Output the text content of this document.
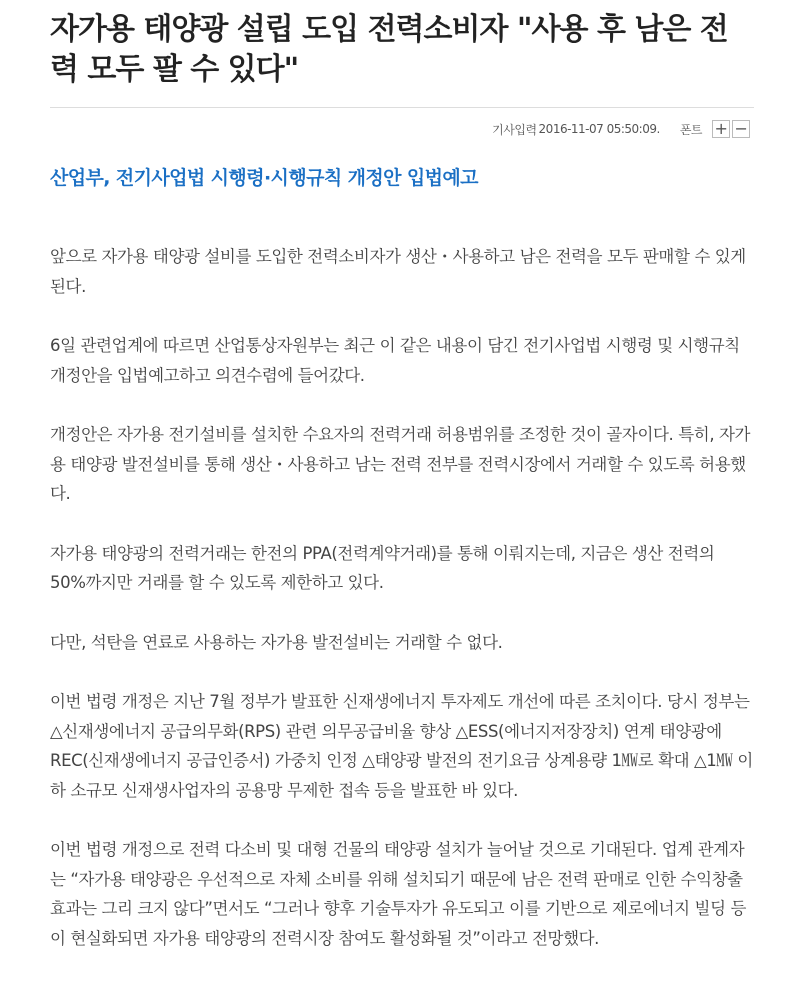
자가용 태양광 설립 도입 전력소비자 "사용 후 남은 전력 모두 팔 수 있다"
기사입력 2016-11-07 05:50:09. 폰트 + −
산업부, 전기사업법 시행령·시행규칙 개정안 입법예고

앞으로 자가용 태양광 설비를 도입한 전력소비자가 생산・사용하고 남은 전력을 모두 판매할 수 있게 된다.

6일 관련업계에 따르면 산업통상자원부는 최근 이 같은 내용이 담긴 전기사업법 시행령 및 시행규칙 개정안을 입법예고하고 의견수렴에 들어갔다.

개정안은 자가용 전기설비를 설치한 수요자의 전력거래 허용범위를 조정한 것이 골자이다. 특히, 자가용 태양광 발전설비를 통해 생산・사용하고 남는 전력 전부를 전력시장에서 거래할 수 있도록 허용했다.

자가용 태양광의 전력거래는 한전의 PPA(전력계약거래)를 통해 이뤄지는데, 지금은 생산 전력의 50%까지만 거래를 할 수 있도록 제한하고 있다.

다만, 석탄을 연료로 사용하는 자가용 발전설비는 거래할 수 없다.

이번 법령 개정은 지난 7월 정부가 발표한 신재생에너지 투자제도 개선에 따른 조치이다. 당시 정부는 △신재생에너지 공급의무화(RPS) 관련 의무공급비율 향상 △ESS(에너지저장장치) 연계 태양광에 REC(신재생에너지 공급인증서) 가중치 인정 △태양광 발전의 전기요금 상계용량 1㎿로 확대 △1㎿ 이하 소규모 신재생사업자의 공용망 무제한 접속 등을 발표한 바 있다.

이번 법령 개정으로 전력 다소비 및 대형 건물의 태양광 설치가 늘어날 것으로 기대된다. 업계 관계자는 “자가용 태양광은 우선적으로 자체 소비를 위해 설치되기 때문에 남은 전력 판매로 인한 수익창출 효과는 그리 크지 않다”면서도 “그러나 향후 기술투자가 유도되고 이를 기반으로 제로에너지 빌딩 등이 현실화되면 자가용 태양광의 전력시장 참여도 활성화될 것”이라고 전망했다.
